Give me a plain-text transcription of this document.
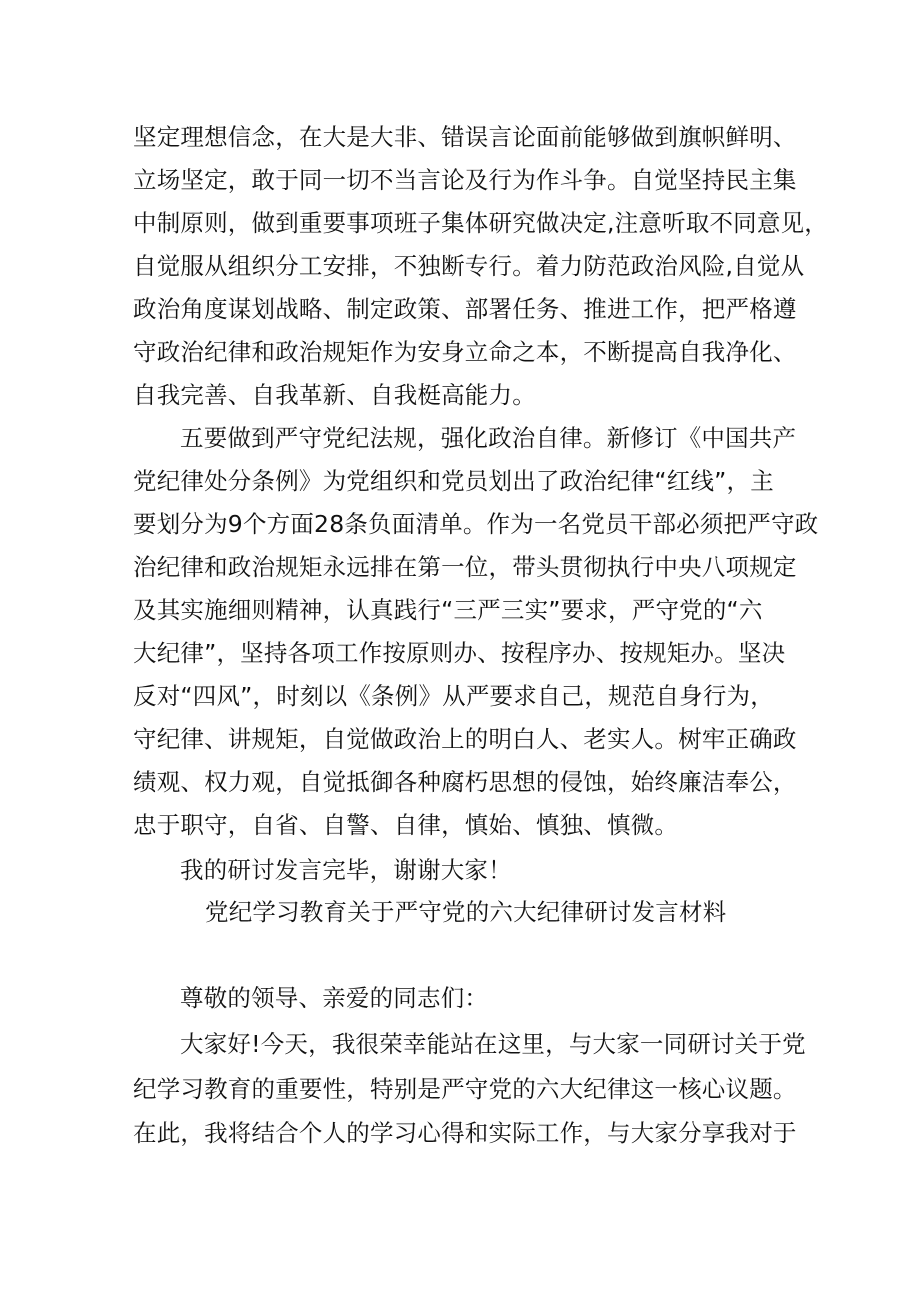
坚定理想信念，在大是大非、错误言论面前能够做到旗帜鲜明、
立场坚定，敢于同一切不当言论及行为作斗争。自觉坚持民主集
中制原则，做到重要事项班子集体研究做决定,注意听取不同意见，
自觉服从组织分工安排，不独断专行。着力防范政治风险,自觉从
政治角度谋划战略、制定政策、部署任务、推进工作，把严格遵
守政治纪律和政治规矩作为安身立命之本，不断提高自我净化、
自我完善、自我革新、自我梃高能力。
五要做到严守党纪法规，强化政治自律。新修订《中国共产
党纪律处分条例》为党组织和党员划出了政治纪律“红线”，主
要划分为9个方面28条负面清单。作为一名党员干部必须把严守政
治纪律和政治规矩永远排在第一位，带头贯彻执行中央八项规定
及其实施细则精神，认真践行“三严三实”要求，严守党的“六
大纪律”，坚持各项工作按原则办、按程序办、按规矩办。坚决
反对“四风”，时刻以《条例》从严要求自己，规范自身行为，
守纪律、讲规矩，自觉做政治上的明白人、老实人。树牢正确政
绩观、权力观，自觉抵御各种腐朽思想的侵蚀，始终廉洁奉公，
忠于职守，自省、自警、自律，慎始、慎独、慎微。
我的研讨发言完毕，谢谢大家！
党纪学习教育关于严守党的六大纪律研讨发言材料
尊敬的领导、亲爱的同志们：
大家好!今天，我很荣幸能站在这里，与大家一同研讨关于党
纪学习教育的重要性，特别是严守党的六大纪律这一核心议题。
在此，我将结合个人的学习心得和实际工作，与大家分享我对于
